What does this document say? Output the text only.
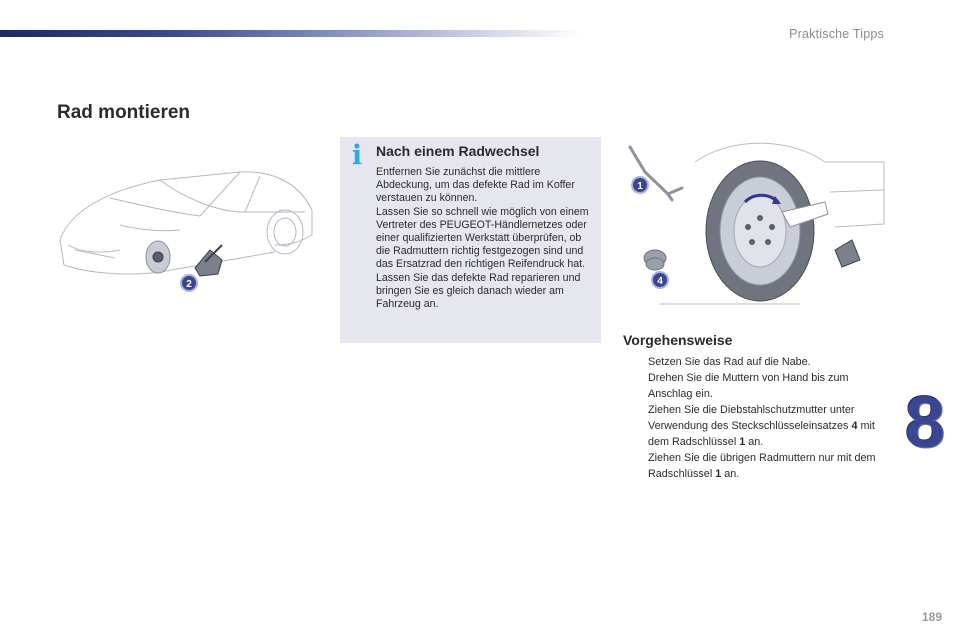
Praktische Tipps
Rad montieren
2
i Nach einem Radwechsel

Entfernen Sie zunächst die mittlere Abdeckung, um das defekte Rad im Koffer verstauen zu können.
Lassen Sie so schnell wie möglich von einem Vertreter des PEUGEOT-Händlernetzes oder einer qualifizierten Werkstatt überprüfen, ob die Radmuttern richtig festgezogen sind und das Ersatzrad den richtigen Reifendruck hat.
Lassen Sie das defekte Rad reparieren und bringen Sie es gleich danach wieder am Fahrzeug an.

1
4
Vorgehensweise
Setzen Sie das Rad auf die Nabe.
Drehen Sie die Muttern von Hand bis zum Anschlag ein.
Ziehen Sie die Diebstahlschutzmutter unter Verwendung des Steckschlüsseleinsatzes 4 mit dem Radschlüssel 1 an.
Ziehen Sie die übrigen Radmuttern nur mit dem Radschlüssel 1 an.
8
189
